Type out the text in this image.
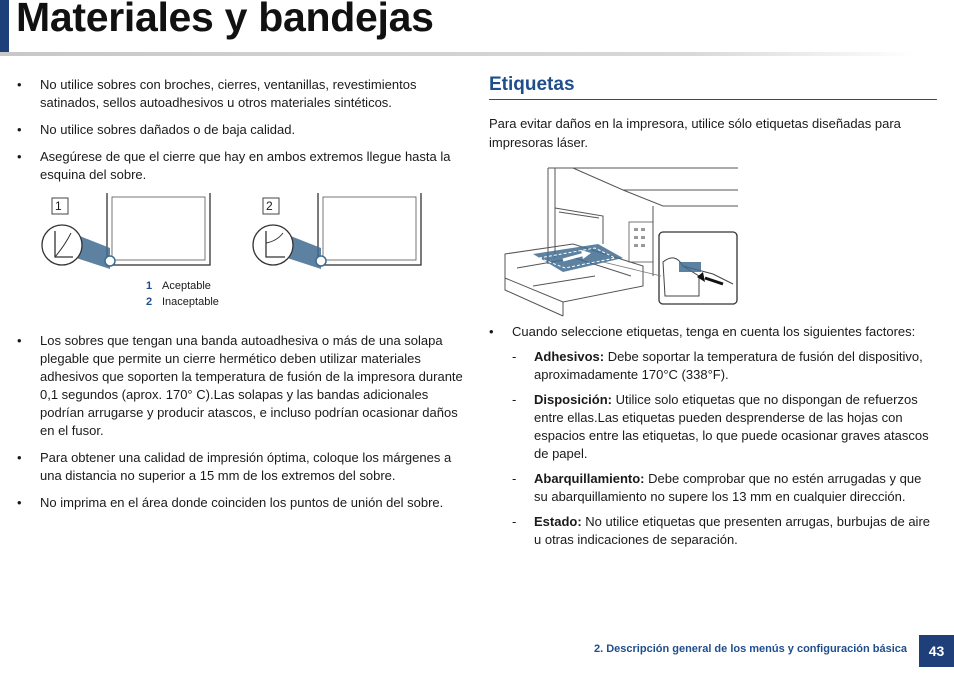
Materiales y bandejas
• No utilice sobres con broches, cierres, ventanillas, revestimientos satinados, sellos autoadhesivos u otros materiales sintéticos.
• No utilice sobres dañados o de baja calidad.
• Asegúrese de que el cierre que hay en ambos extremos llegue hasta la esquina del sobre.
1	2
1 Aceptable
2 Inaceptable
• Los sobres que tengan una banda autoadhesiva o más de una solapa plegable que permite un cierre hermético deben utilizar materiales adhesivos que soporten la temperatura de fusión de la impresora durante 0,1 segundos (aprox. 170° C).Las solapas y las bandas adicionales podrían arrugarse y producir atascos, e incluso podrían ocasionar daños en el fusor.
• Para obtener una calidad de impresión óptima, coloque los márgenes a una distancia no superior a 15 mm de los extremos del sobre.
• No imprima en el área donde coinciden los puntos de unión del sobre.
Etiquetas

Para evitar daños en la impresora, utilice sólo etiquetas diseñadas para impresoras láser.

• Cuando seleccione etiquetas, tenga en cuenta los siguientes factores:
- Adhesivos: Debe soportar la temperatura de fusión del dispositivo, aproximadamente 170°C (338°F).
- Disposición: Utilice solo etiquetas que no dispongan de refuerzos entre ellas.Las etiquetas pueden desprenderse de las hojas con espacios entre las etiquetas, lo que puede ocasionar graves atascos de papel.
- Abarquillamiento: Debe comprobar que no estén arrugadas y que su abarquillamiento no supere los 13 mm en cualquier dirección.
- Estado: No utilice etiquetas que presenten arrugas, burbujas de aire u otras indicaciones de separación.
2. Descripción general de los menús y configuración básica	43
